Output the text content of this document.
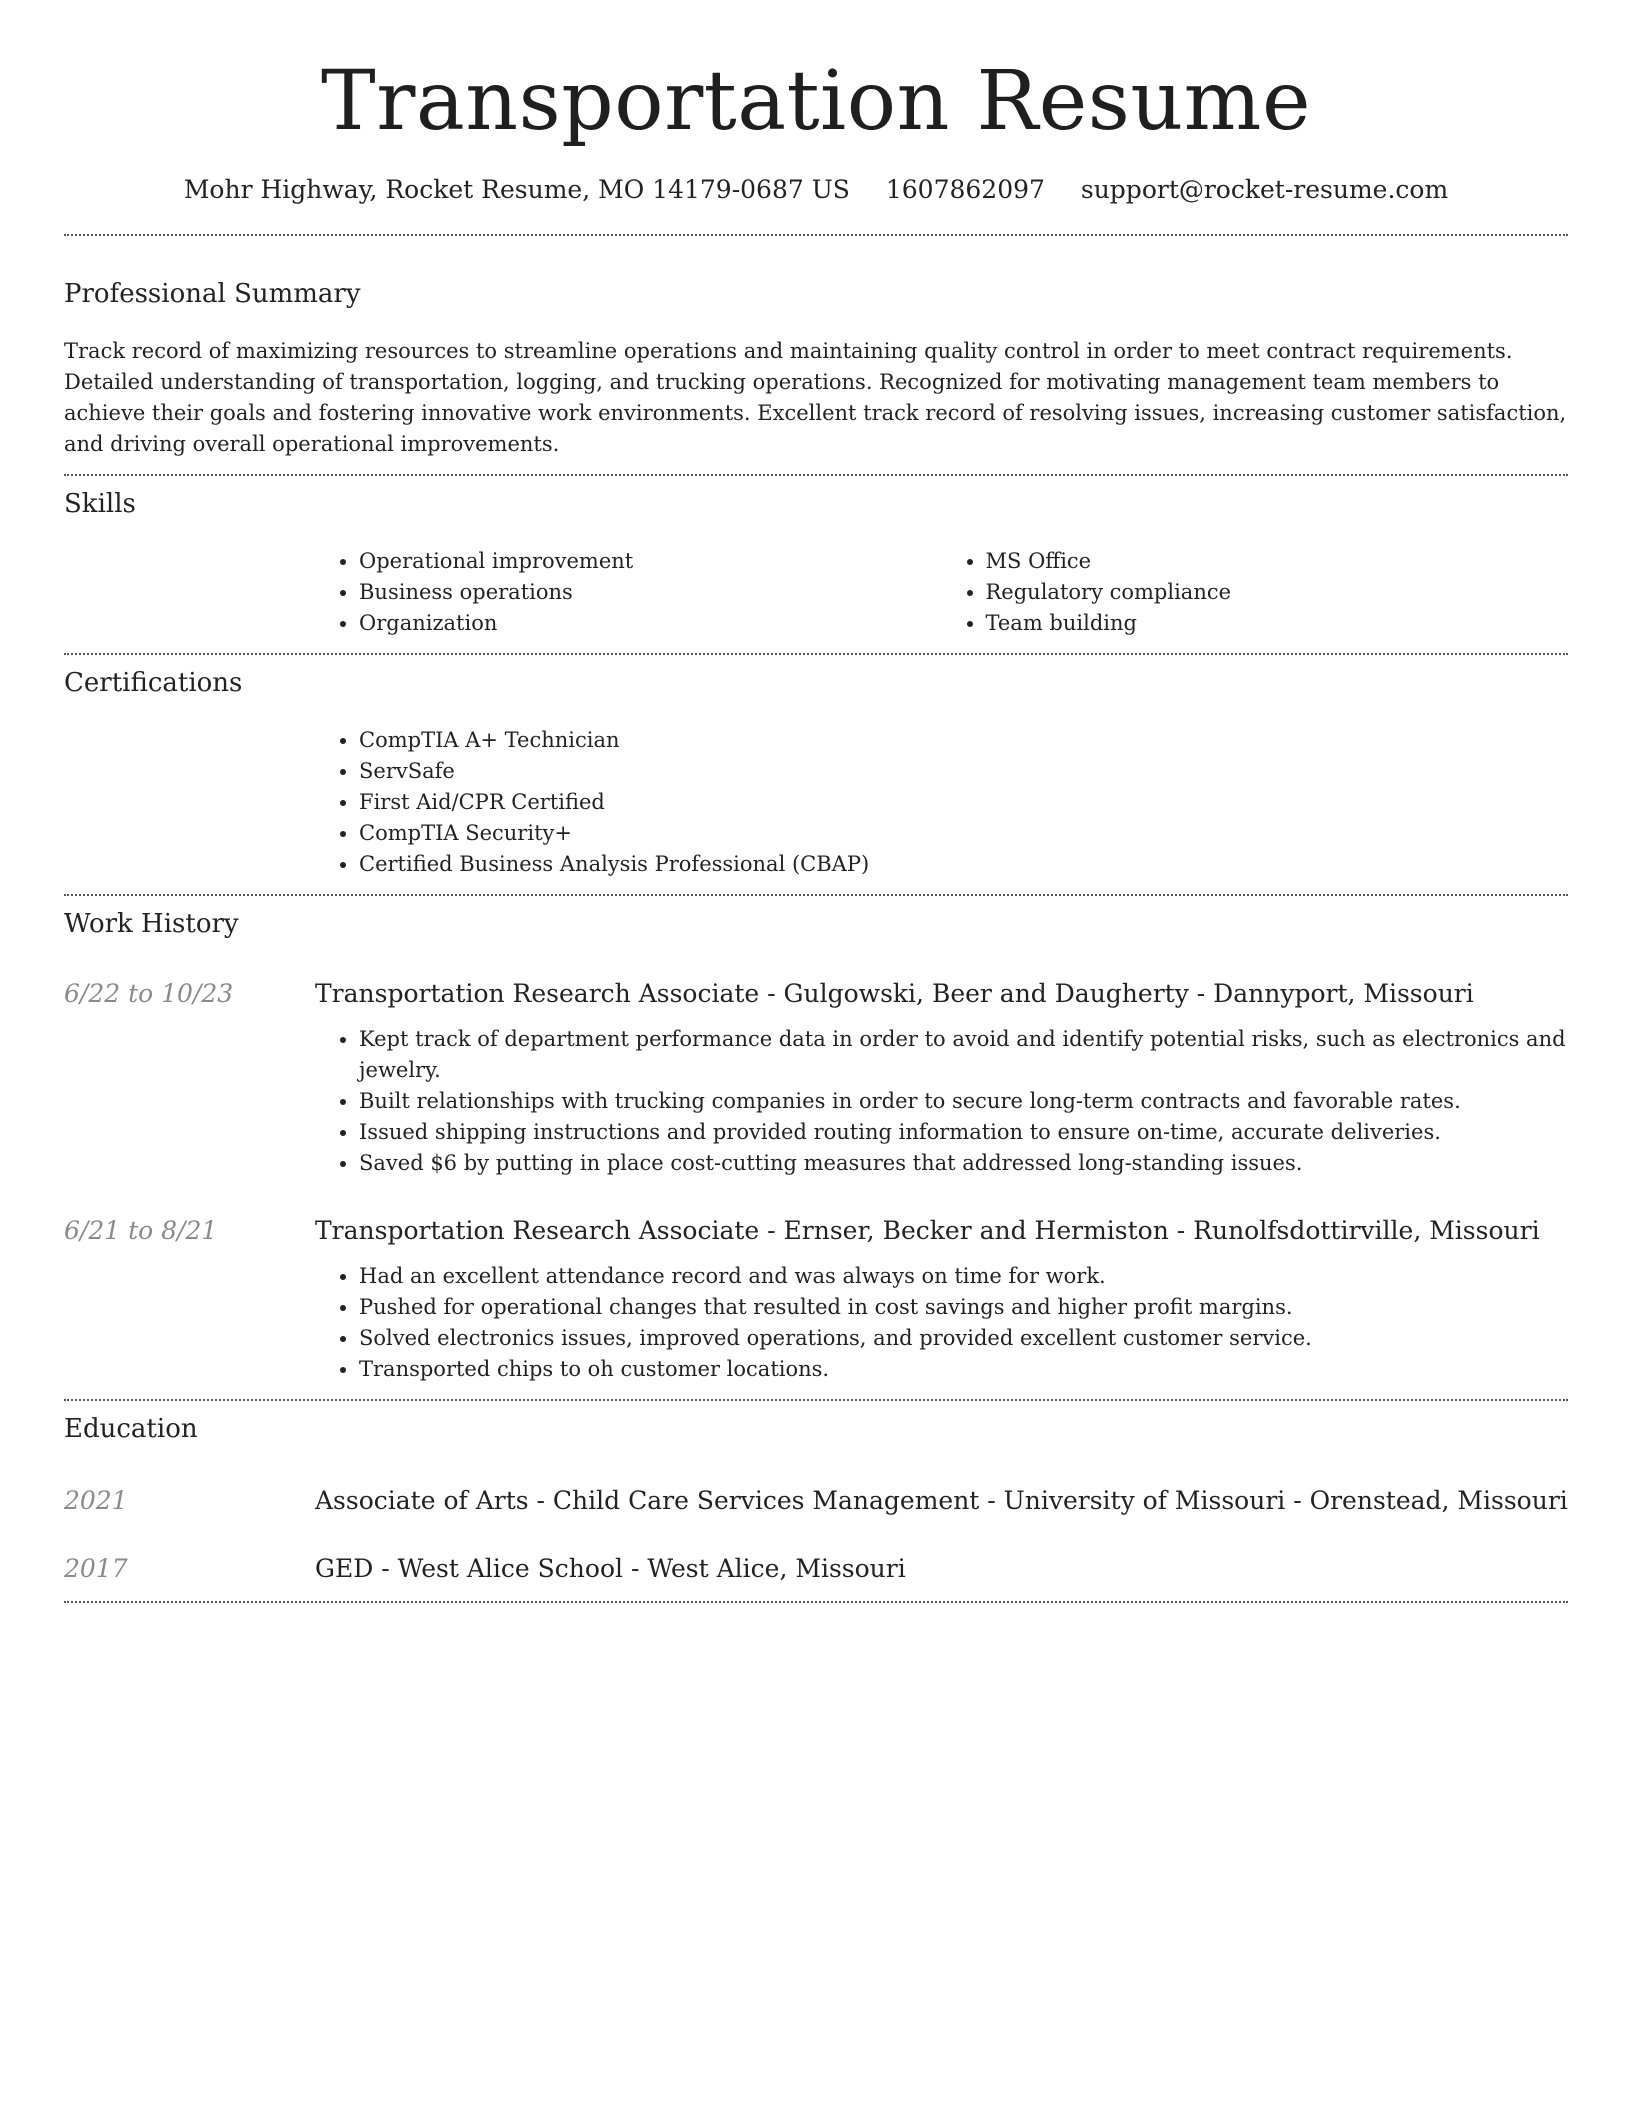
Transportation Resume
Mohr Highway, Rocket Resume, MO 14179-0687 US 1607862097 support@rocket-resume.com
Professional Summary

Track record of maximizing resources to streamline operations and maintaining quality control in order to meet contract requirements. Detailed understanding of transportation, logging, and trucking operations. Recognized for motivating management team members to achieve their goals and fostering innovative work environments. Excellent track record of resolving issues, increasing customer satisfaction, and driving overall operational improvements.

Skills
• Operational improvement
• Business operations
• Organization
• MS Office
• Regulatory compliance
• Team building
Certifications
• CompTIA A+ Technician
• ServSafe
• First Aid/CPR Certified
• CompTIA Security+
• Certified Business Analysis Professional (CBAP)
Work History
6/22 to 10/23	Transportation Research Associate - Gulgowski, Beer and Daugherty - Dannyport, Missouri
• Kept track of department performance data in order to avoid and identify potential risks, such as electronics and jewelry.
• Built relationships with trucking companies in order to secure long-term contracts and favorable rates.
• Issued shipping instructions and provided routing information to ensure on-time, accurate deliveries.
• Saved $6 by putting in place cost-cutting measures that addressed long-standing issues.
6/21 to 8/21	Transportation Research Associate - Ernser, Becker and Hermiston - Runolfsdottirville, Missouri
• Had an excellent attendance record and was always on time for work.
• Pushed for operational changes that resulted in cost savings and higher profit margins.
• Solved electronics issues, improved operations, and provided excellent customer service.
• Transported chips to oh customer locations.
Education
2021	Associate of Arts - Child Care Services Management - University of Missouri - Orenstead, Missouri
2017	GED - West Alice School - West Alice, Missouri
